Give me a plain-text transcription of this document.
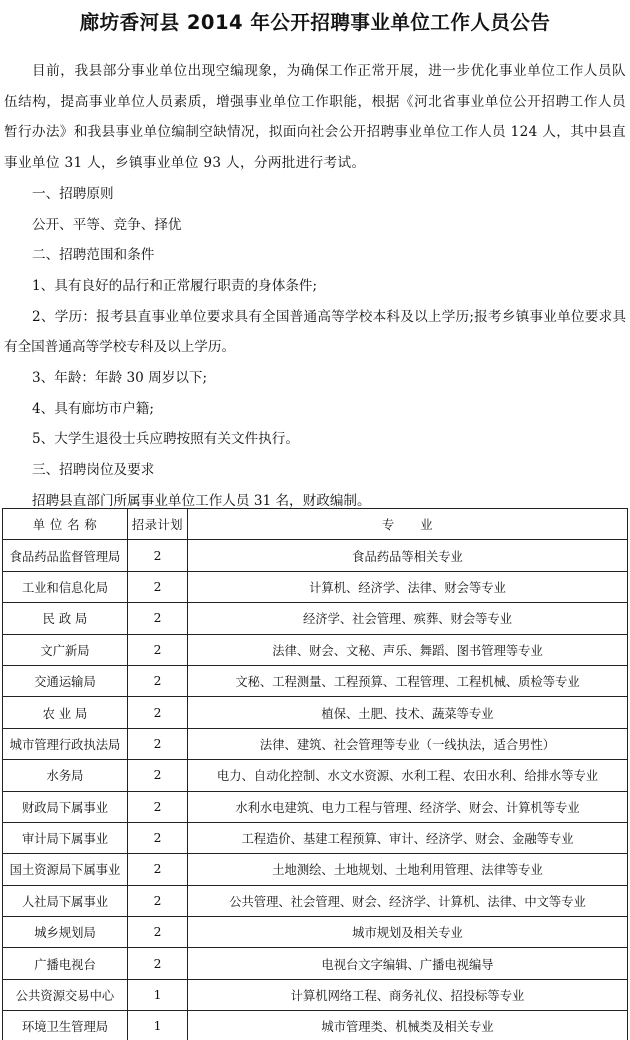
廊坊香河县 2014 年公开招聘事业单位工作人员公告

目前，我县部分事业单位出现空编现象，为确保工作正常开展，进一步优化事业单位工作人员队伍结构，提高事业单位人员素质，增强事业单位工作职能，根据《河北省事业单位公开招聘工作人员暂行办法》和我县事业单位编制空缺情况，拟面向社会公开招聘事业单位工作人员 124 人，其中县直事业单位 31 人，乡镇事业单位 93 人，分两批进行考试。

一、招聘原则

公开、平等、竞争、择优

二、招聘范围和条件

1、具有良好的品行和正常履行职责的身体条件;

2、学历：报考县直事业单位要求具有全国普通高等学校本科及以上学历;报考乡镇事业单位要求具有全国普通高等学校专科及以上学历。

3、年龄：年龄 30 周岁以下;

4、具有廊坊市户籍;

5、大学生退役士兵应聘按照有关文件执行。

三、招聘岗位及要求

招聘县直部门所属事业单位工作人员 31 名，财政编制。

单 位 名 称	招录计划	专　　业
食品药品监督管理局	2	食品药品等相关专业
工业和信息化局	2	计算机、经济学、法律、财会等专业
民 政 局	2	经济学、社会管理、殡葬、财会等专业
文广新局	2	法律、财会、文秘、声乐、舞蹈、图书管理等专业
交通运输局	2	文秘、工程测量、工程预算、工程管理、工程机械、质检等专业
农 业 局	2	植保、土肥、技术、蔬菜等专业
城市管理行政执法局	2	法律、建筑、社会管理等专业（一线执法，适合男性）
水务局	2	电力、自动化控制、水文水资源、水利工程、农田水利、给排水等专业
财政局下属事业	2	水利水电建筑、电力工程与管理、经济学、财会、计算机等专业
审计局下属事业	2	工程造价、基建工程预算、审计、经济学、财会、金融等专业
国土资源局下属事业	2	土地测绘、土地规划、土地利用管理、法律等专业
人社局下属事业	2	公共管理、社会管理、财会、经济学、计算机、法律、中文等专业
城乡规划局	2	城市规划及相关专业
广播电视台	2	电视台文字编辑、广播电视编导
公共资源交易中心	1	计算机网络工程、商务礼仪、招投标等专业
环境卫生管理局	1	城市管理类、机械类及相关专业
